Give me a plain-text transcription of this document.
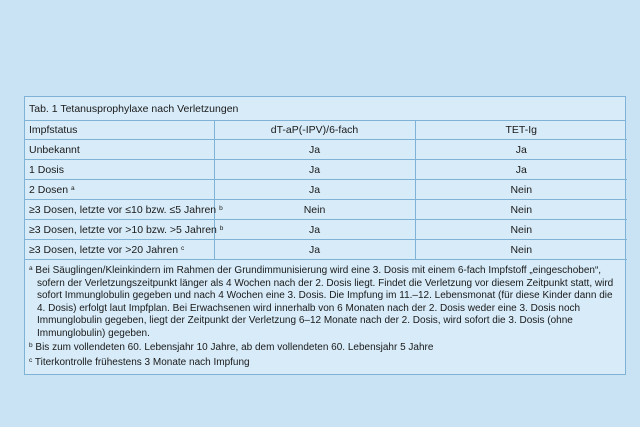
Tab. 1 Tetanusprophylaxe nach Verletzungen
Impfstatus	dT-aP(-IPV)/6-fach	TET-Ig
Unbekannt	Ja	Ja
1 Dosis	Ja	Ja
2 Dosen $^a$	Ja	Nein
≥3 Dosen, letzte vor ≤10 bzw. ≤5 Jahren $^b$	Nein	Nein
≥3 Dosen, letzte vor >10 bzw. >5 Jahren $^b$	Ja	Nein
≥3 Dosen, letzte vor >20 Jahren $^c$	Ja	Nein
$^a$ Bei Säuglingen/Kleinkindern im Rahmen der Grundimmunisierung wird eine 3. Dosis mit einem 6-fach Impfstoff „eingeschoben“, sofern der Verletzungszeitpunkt länger als 4 Wochen nach der 2. Dosis liegt. Findet die Verletzung vor diesem Zeitpunkt statt, wird sofort Immunglobulin gegeben und nach 4 Wochen eine 3. Dosis. Die Impfung im 11.–12. Lebensmonat (für diese Kinder dann die 4. Dosis) erfolgt laut Impfplan. Bei Erwachsenen wird innerhalb von 6 Monaten nach der 2. Dosis weder eine 3. Dosis noch Immunglobulin gegeben, liegt der Zeitpunkt der Verletzung 6–12 Monate nach der 2. Dosis, wird sofort die 3. Dosis (ohne Immunglobulin) gegeben.
$^b$ Bis zum vollendeten 60. Lebensjahr 10 Jahre, ab dem vollendeten 60. Lebensjahr 5 Jahre
$^c$ Titerkontrolle frühestens 3 Monate nach Impfung
